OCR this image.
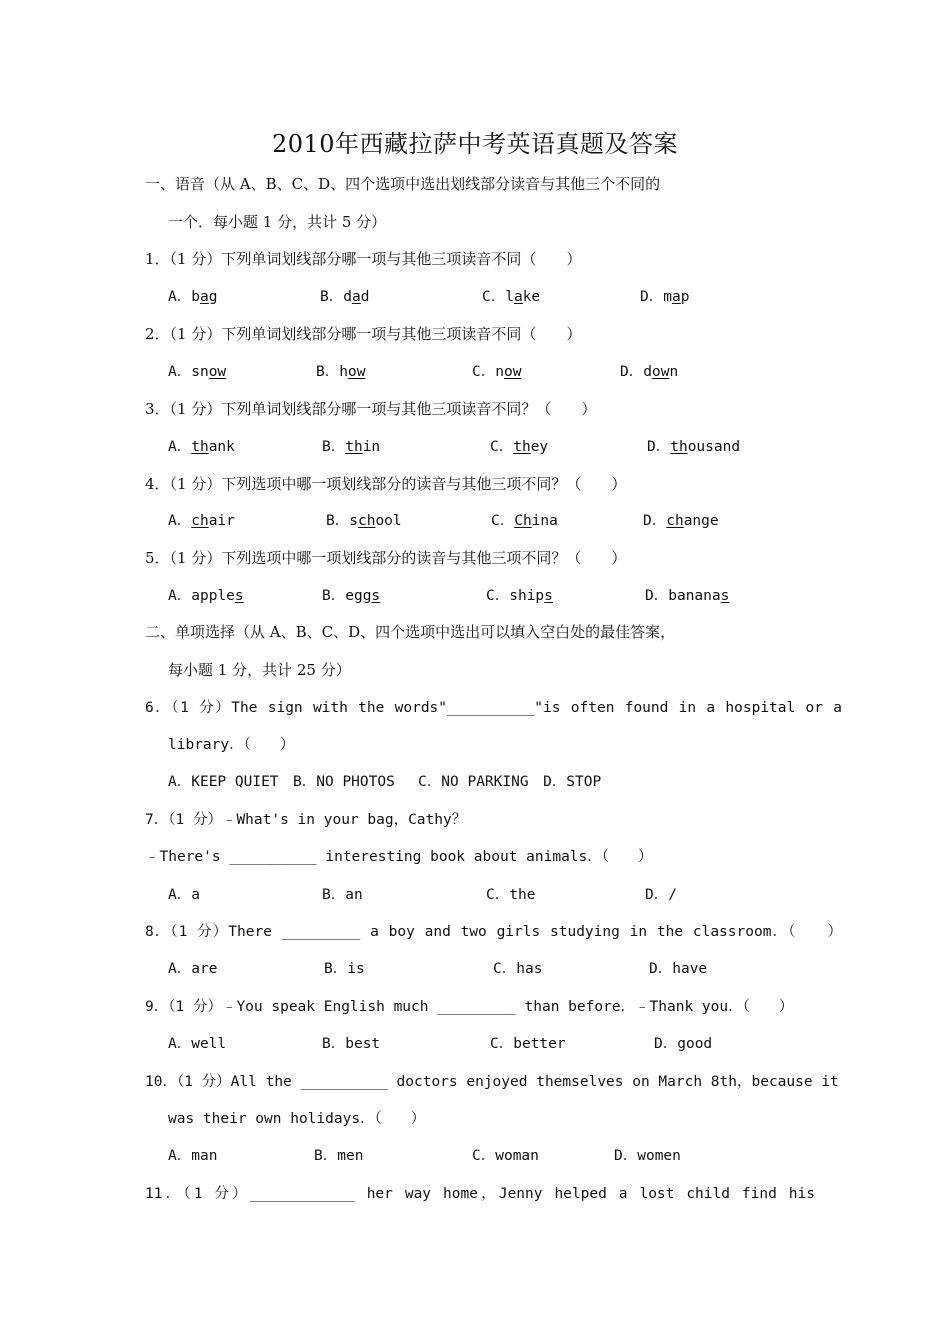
2010年西藏拉萨中考英语真题及答案
一、语音（从 A、B、C、D、四个选项中选出划线部分读音与其他三个不同的
一个．每小题 1 分，共计 5 分）
1．（1 分）下列单词划线部分哪一项与其他三项读音不同（　　）
A．bag	B．dad	C．lake	D．map
2．（1 分）下列单词划线部分哪一项与其他三项读音不同（　　）
A．snow	B．how	C．now	D．down
3．（1 分）下列单词划线部分哪一项与其他三项读音不同？（　　）
A．thank	B．thin	C．they	D．thousand
4．（1 分）下列选项中哪一项划线部分的读音与其他三项不同？（　　）
A．chair	B．school	C．China	D．change
5．（1 分）下列选项中哪一项划线部分的读音与其他三项不同？（　　）
A．apples	B．eggs	C．ships	D．bananas
二、单项选择（从 A、B、C、D、四个选项中选出可以填入空白处的最佳答案，
每小题 1 分，共计 25 分）
6．（1 分）The sign with the words"__________"is often found in a hospital or a
library．（　　）
A．KEEP QUIET　B．NO PHOTOS　 C．NO PARKING　D．STOP
7．（1 分）﹣What's in your bag，Cathy？
﹣There's __________ interesting book about animals．（　　）
A．a	B．an	C．the	D．/
8．（1 分）There _________ a boy and two girls studying in the classroom．（　　）
A．are	B．is	C．has	D．have
9．（1 分）﹣You speak English much _________ than before．﹣Thank you．（　　）
A．well	B．best	C．better	D．good
10．（1 分）All the __________ doctors enjoyed themselves on March 8th，because it
was their own holidays．（　　）
A．man	B．men	C．woman	D．women
11．（1 分）____________ her way home，Jenny helped a lost child find his
